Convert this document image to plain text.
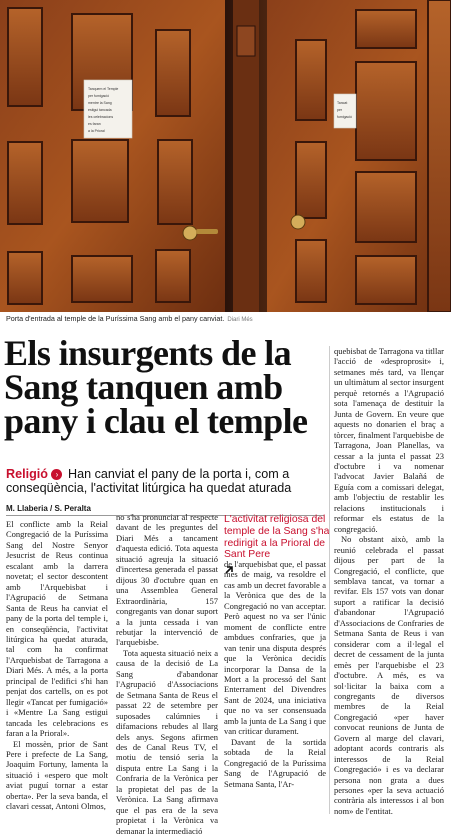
Tanquem el Temple
per fumigació
mentre la Sang
estigui tancada
les celebracions
es faran
a la Prioral
Tancat
per
fumigació
Porta d'entrada al temple de la Puríssima Sang amb el pany canviat. Diari Més
Els insurgents de la Sang tanquen amb pany i clau el temple
Religió › Han canviat el pany de la porta i, com a conseqüència, l'activitat litúrgica ha quedat aturada
M. Llaberia / S. Peralta

El conflicte amb la Reial Congregació de la Puríssima Sang del Nostre Senyor Jesucrist de Reus continua escalant amb la darrera novetat; el sector descontent amb l'Arquebisbat i l'Agrupació de Setmana Santa de Reus ha canviat el pany de la porta del temple i, en conseqüència, l'activitat litúrgica ha quedat aturada, tal com ha confirmat l'Arquebisbat de Tarragona a Diari Més. A més, a la porta principal de l'edifici s'hi han penjat dos cartells, on es pot llegir «Tancat per fumigació» i «Mentre La Sang estigui tancada les celebracions es faran a la Prioral».

El mossèn, prior de Sant Pere i prefecte de La Sang, Joaquim Fortuny, lamenta la situació i «espero que molt aviat puguí tornar a estar oberta». Per la seva banda, el clavari cessat, Antoni Olmos,

no s'ha pronunciat al respecte davant de les preguntes del Diari Més a tancament d'aquesta edició. Tota aquesta situació agreuja la situació d'incertesa generada el passat dijous 30 d'octubre quan en una Assemblea General Extraordinària, 157 congregants van donar suport a la junta cessada i van rebutjar la intervenció de l'arquebisbe.

Tota aquesta situació neix a causa de la decisió de La Sang d'abandonar l'Agrupació d'Associacions de Setmana Santa de Reus el passat 22 de setembre per suposades calúmnies i difamacions rebudes al llarg dels anys. Segons afirmen des de Canal Reus TV, el motiu de tensió seria la disputa entre La Sang i la Confraria de la Verònica per la propietat del pas de la Verònica. La Sang afirmava que el pas era de la seva propietat i la Verònica va demanar la intermediació

L'activitat religiosa del temple de la Sang s'ha redirigit a la Prioral de Sant Pere

de l'arquebisbat que, el passat mes de maig, va resoldre el cas amb un decret favorable a la Verònica que des de la Congregació no van acceptar. Però aquest no va ser l'únic moment de conflicte entre ambdues confraries, que ja van tenir una disputa després que la Verònica decidís incorporar la Dansa de la Mort a la processó del Sant Enterrament del Divendres Sant de 2024, una iniciativa que no va ser consensuada amb la junta de La Sang i que van criticar durament.

Davant de la sortida sobtada de la Reial Congregació de la Puríssima Sang de l'Agrupació de Setmana Santa, l'Ar-

quebisbat de Tarragona va titllar l'acció de «desproprosit» i, setmanes més tard, va llençar un ultimàtum al sector insurgent perquè retornés a l'Agrupació sota l'amenaça de destituir la Junta de Govern. En veure que aquests no donarien el braç a tòrcer, finalment l'arquebisbe de Tarragona, Joan Planellas, va cessar a la junta el passat 23 d'octubre i va nomenar l'advocat Javier Balañá de Eguía com a comissari delegat, amb l'objectiu de restablir les relacions institucionals i reformar els estatus de la congregació.

No obstant això, amb la reunió celebrada el passat dijous per part de la Congregació, el conflicte, que semblava tancat, va tornar a revifar. Els 157 vots van donar suport a ratificar la decisió d'abandonar l'Agrupació d'Associacions de Confraries de Setmana Santa de Reus i van considerar com a il·legal el decret de cessament de la junta emès per l'arquebisbe el 23 d'octubre. A més, es va sol·licitar la baixa com a congregants de diversos membres de la Reial Congregació «per haver convocat reunions de Junta de Govern al marge del clavari, adoptant acords contraris als interessos de la Reial Congregació» i es va declarar persona non grata a dues persones «per la seva actuació contrària als interessos i al bon nom» de l'entitat.
